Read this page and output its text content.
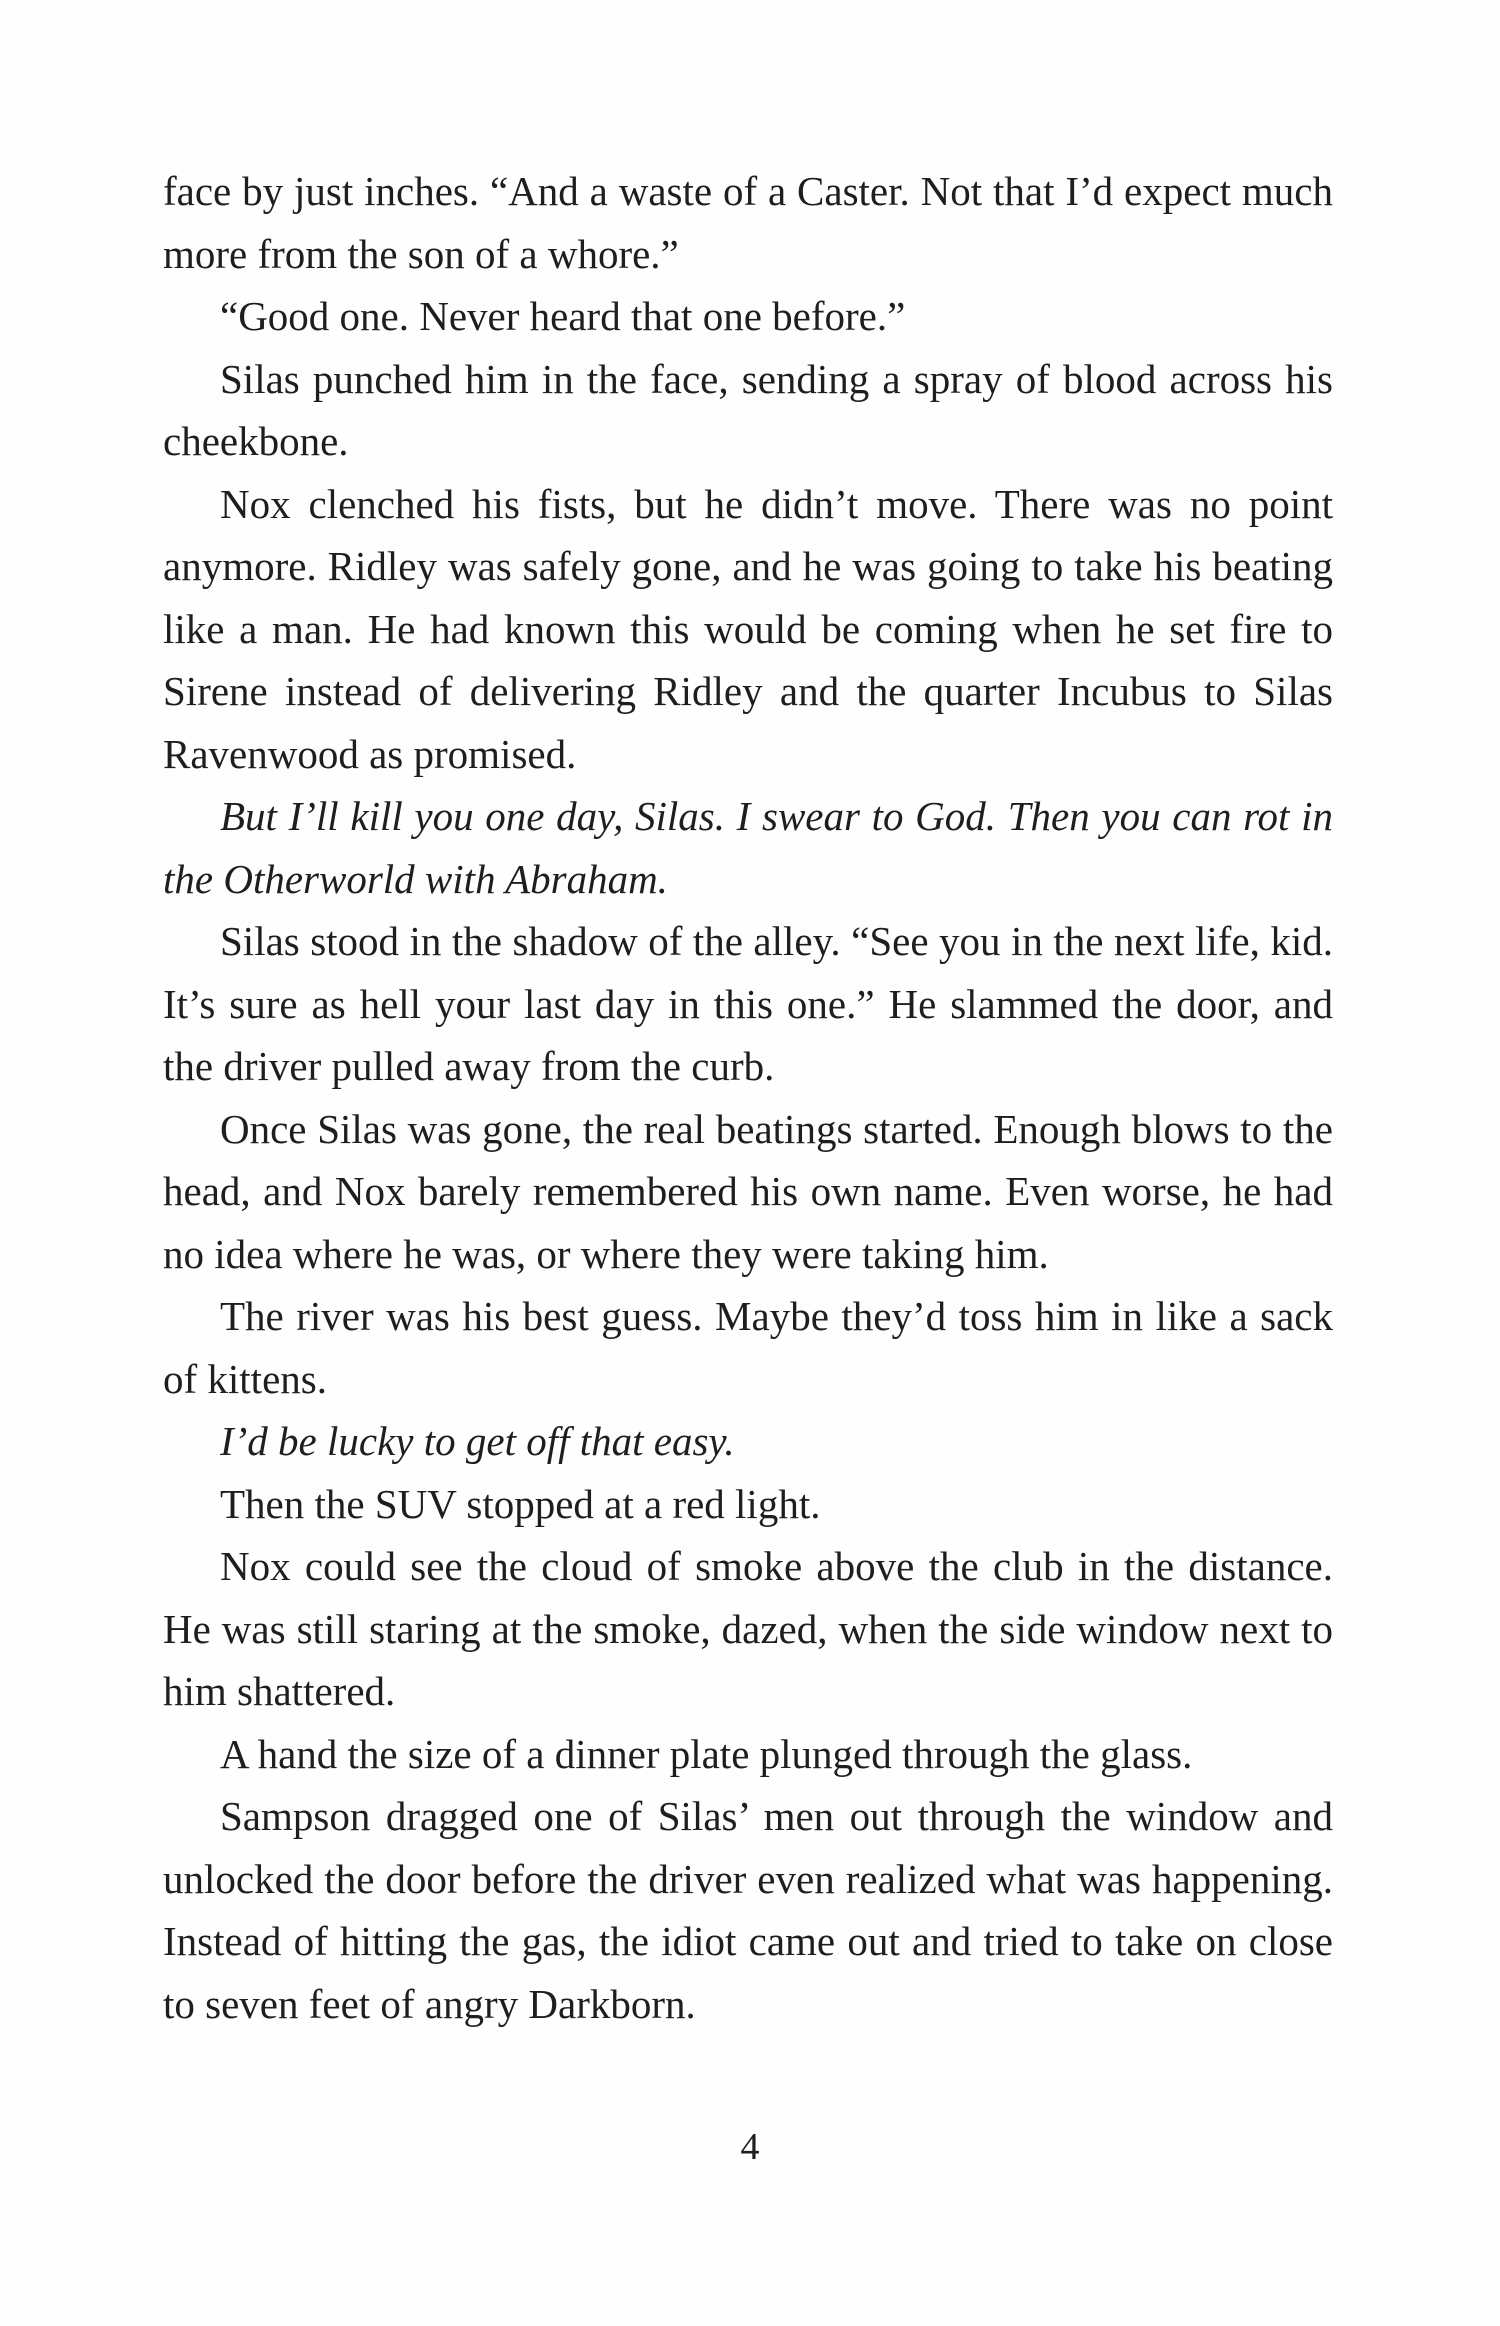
face by just inches. “And a waste of a Caster. Not that I’d expect much more from the son of a whore.”

“Good one. Never heard that one before.”

Silas punched him in the face, sending a spray of blood across his cheekbone.

Nox clenched his fists, but he didn’t move. There was no point anymore. Ridley was safely gone, and he was going to take his beating like a man. He had known this would be coming when he set fire to Sirene instead of delivering Ridley and the quarter Incubus to Silas Ravenwood as promised.

But I’ll kill you one day, Silas. I swear to God. Then you can rot in the Otherworld with Abraham.

Silas stood in the shadow of the alley. “See you in the next life, kid. It’s sure as hell your last day in this one.” He slammed the door, and the driver pulled away from the curb.

Once Silas was gone, the real beatings started. Enough blows to the head, and Nox barely remembered his own name. Even worse, he had no idea where he was, or where they were taking him.

The river was his best guess. Maybe they’d toss him in like a sack of kittens.

I’d be lucky to get off that easy.

Then the SUV stopped at a red light.

Nox could see the cloud of smoke above the club in the distance. He was still staring at the smoke, dazed, when the side window next to him shattered.

A hand the size of a dinner plate plunged through the glass.

Sampson dragged one of Silas’ men out through the window and unlocked the door before the driver even realized what was happening. Instead of hitting the gas, the idiot came out and tried to take on close to seven feet of angry Darkborn.

4
